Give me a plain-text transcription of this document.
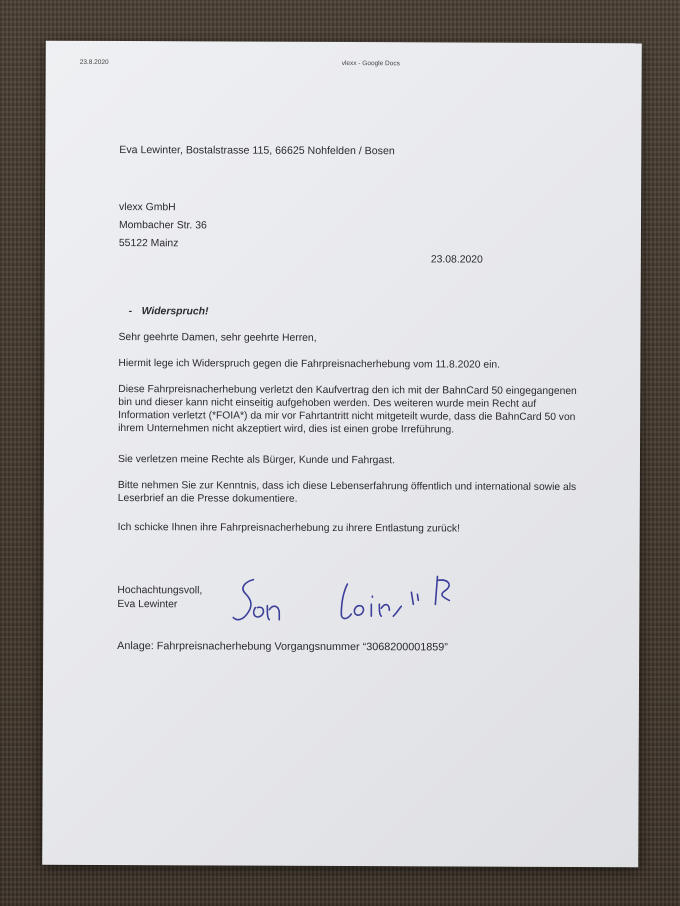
23.8.2020	vlexx - Google Docs
Eva Lewinter, Bostalstrasse 115, 66625 Nohfelden / Bosen
vlexx GmbH
Mombacher Str. 36
55122 Mainz
23.08.2020
- Widerspruch!
Sehr geehrte Damen, sehr geehrte Herren,
Hiermit lege ich Widerspruch gegen die Fahrpreisnacherhebung vom 11.8.2020 ein.
Diese Fahrpreisnacherhebung verletzt den Kaufvertrag den ich mit der BahnCard 50 eingegangenen
bin und dieser kann nicht einseitig aufgehoben werden. Des weiteren wurde mein Recht auf
Information verletzt (*FOIA*) da mir vor Fahrtantritt nicht mitgeteilt wurde, dass die BahnCard 50 von
ihrem Unternehmen nicht akzeptiert wird, dies ist einen grobe Irreführung.
Sie verletzen meine Rechte als Bürger, Kunde und Fahrgast.
Bitte nehmen Sie zur Kenntnis, dass ich diese Lebenserfahrung öffentlich und international sowie als
Leserbrief an die Presse dokumentiere.
Ich schicke Ihnen ihre Fahrpreisnacherhebung zu ihrere Entlastung zurück!
Hochachtungsvoll,
Eva Lewinter
Anlage: Fahrpreisnacherhebung Vorgangsnummer “3068200001859”
